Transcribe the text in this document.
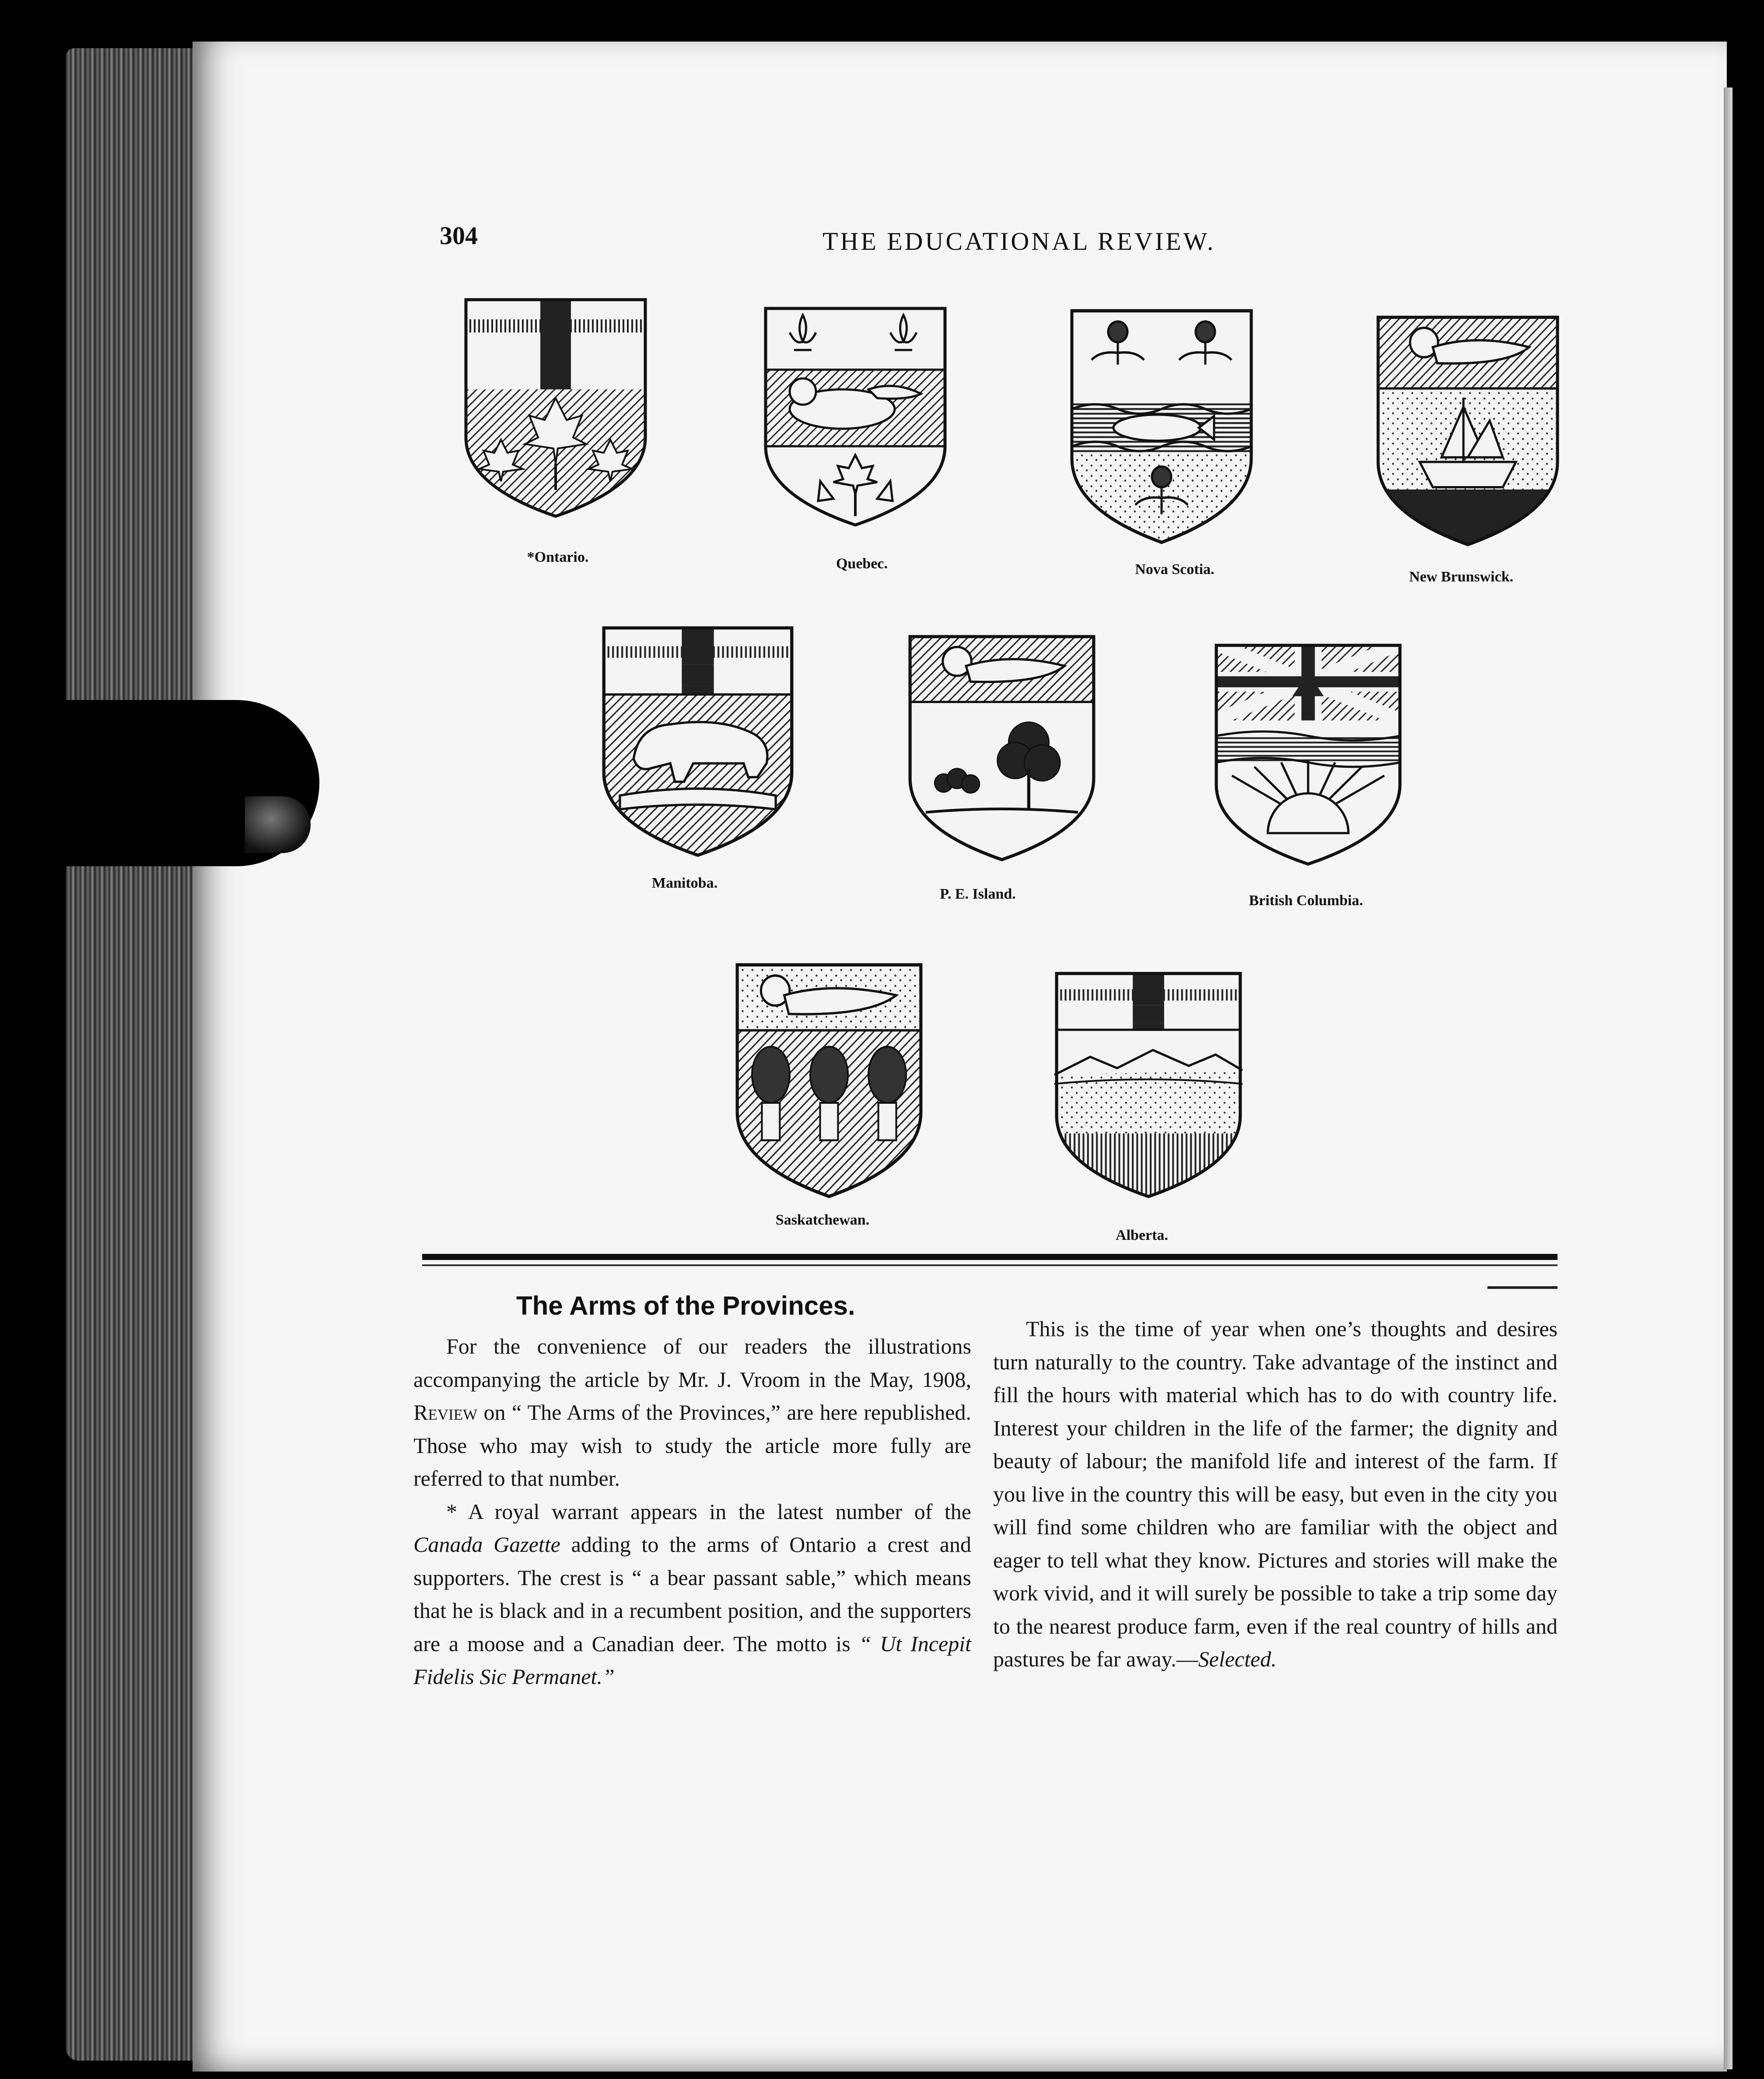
304	THE EDUCATIONAL REVIEW.
*Ontario.	Quebec.	Nova Scotia.	New Brunswick.
Manitoba.
P. E. Island.	British Columbia.
Saskatchewan.
Alberta.
The Arms of the Provinces.

For the convenience of our readers the illustrations accompanying the article by Mr. J. Vroom in the May, 1908, Review on “ The Arms of the Provinces,” are here republished. Those who may wish to study the article more fully are referred to that number.

* A royal warrant appears in the latest number of the Canada Gazette adding to the arms of Ontario a crest and supporters. The crest is “ a bear passant sable,” which means that he is black and in a recumbent position, and the supporters are a moose and a Canadian deer. The motto is “ Ut Incepit Fidelis Sic Permanet.”

This is the time of year when one’s thoughts and desires turn naturally to the country. Take advantage of the instinct and fill the hours with material which has to do with country life. Interest your children in the life of the farmer; the dignity and beauty of labour; the manifold life and interest of the farm. If you live in the country this will be easy, but even in the city you will find some children who are familiar with the object and eager to tell what they know. Pictures and stories will make the work vivid, and it will surely be possible to take a trip some day to the nearest produce farm, even if the real country of hills and pastures be far away.—Selected.
